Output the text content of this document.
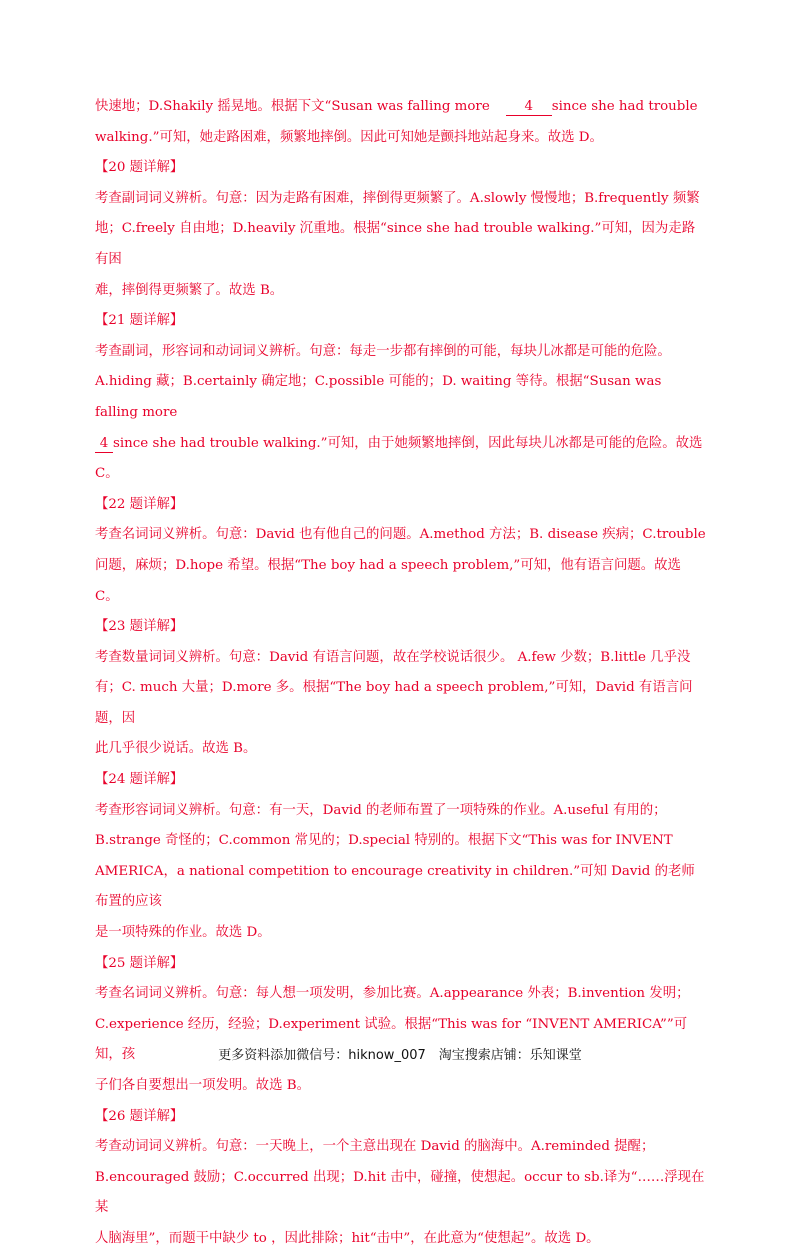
快速地；D.Shakily 摇晃地。根据下文“Susan was falling more	4 since she had trouble

walking.”可知，她走路困难，频繁地摔倒。因此可知她是颤抖地站起身来。故选 D。

【20 题详解】

考查副词词义辨析。句意：因为走路有困难，摔倒得更频繁了。A.slowly 慢慢地；B.frequently 频繁

地；C.freely 自由地；D.heavily 沉重地。根据“since she had trouble walking.”可知，因为走路有困

难，摔倒得更频繁了。故选 B。

【21 题详解】

考查副词，形容词和动词词义辨析。句意：每走一步都有摔倒的可能，每块儿冰都是可能的危险。

A.hiding 藏；B.certainly 确定地；C.possible 可能的；D. waiting 等待。根据“Susan was falling more

4 since she had trouble walking.”可知，由于她频繁地摔倒，因此每块儿冰都是可能的危险。故选

C。

【22 题详解】

考查名词词义辨析。句意：David 也有他自己的问题。A.method 方法；B. disease 疾病；C.trouble

问题，麻烦；D.hope 希望。根据“The boy had a speech problem,”可知，他有语言问题。故选 C。

【23 题详解】

考查数量词词义辨析。句意：David 有语言问题，故在学校说话很少。 A.few 少数；B.little 几乎没

有；C. much 大量；D.more 多。根据“The boy had a speech problem,”可知，David 有语言问题，因

此几乎很少说话。故选 B。

【24 题详解】

考查形容词词义辨析。句意：有一天，David 的老师布置了一项特殊的作业。A.useful 有用的；

B.strange 奇怪的；C.common 常见的；D.special 特别的。根据下文“This was for INVENT

AMERICA，a national competition to encourage creativity in children.”可知 David 的老师布置的应该

是一项特殊的作业。故选 D。

【25 题详解】

考查名词词义辨析。句意：每人想一项发明，参加比赛。A.appearance 外表；B.invention 发明；

C.experience 经历，经验；D.experiment 试验。根据“This was for “INVENT AMERICA””可知，孩

子们各自要想出一项发明。故选 B。

【26 题详解】

考查动词词义辨析。句意：一天晚上，一个主意出现在 David 的脑海中。A.reminded 提醒；

B.encouraged 鼓励；C.occurred 出现；D.hit 击中，碰撞，使想起。occur to sb.译为“……浮现在某

人脑海里”，而题干中缺少 to ，因此排除；hit“击中”，在此意为“使想起”。故选 D。

更多资料添加微信号：hiknow_007　淘宝搜索店铺：乐知课堂
